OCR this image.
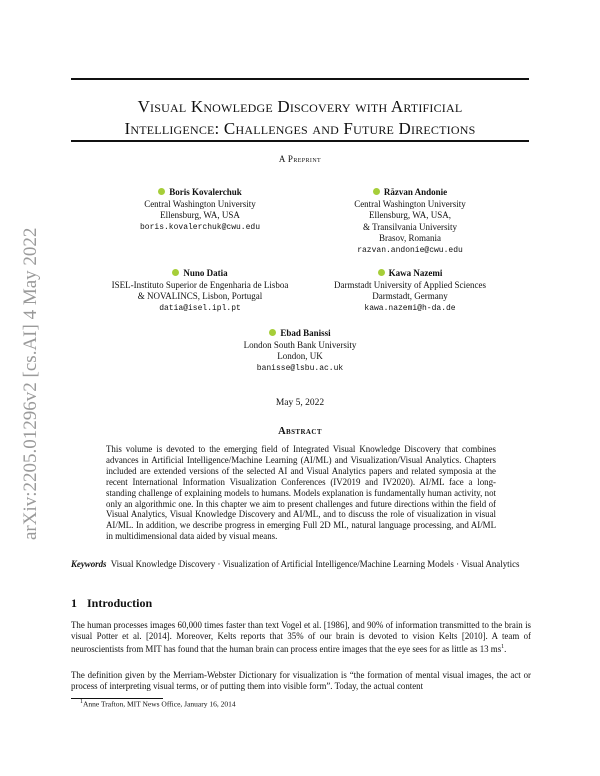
Visual Knowledge Discovery with Artificial
Intelligence: Challenges and Future Directions
A Preprint
Boris Kovalerchuk
Central Washington University
Ellensburg, WA, USA
boris.kovalerchuk@cwu.edu
Răzvan Andonie
Central Washington University
Ellensburg, WA, USA,
& Transilvania University
Brasov, Romania
razvan.andonie@cwu.edu
Nuno Datia
ISEL-Instituto Superior de Engenharia de Lisboa
& NOVALINCS, Lisbon, Portugal
datia@isel.ipl.pt
Kawa Nazemi
Darmstadt University of Applied Sciences
Darmstadt, Germany
kawa.nazemi@h-da.de
Ebad Banissi
London South Bank University
London, UK
banisse@lsbu.ac.uk
May 5, 2022
Abstract
This volume is devoted to the emerging field of Integrated Visual Knowledge Discovery that combines advances in Artificial Intelligence/Machine Learning (AI/ML) and Visualization/Visual Analytics. Chapters included are extended versions of the selected AI and Visual Analytics papers and related symposia at the recent International Information Visualization Conferences (IV2019 and IV2020). AI/ML face a long-standing challenge of explaining models to humans. Models explanation is fundamentally human activity, not only an algorithmic one. In this chapter we aim to present challenges and future directions within the field of Visual Analytics, Visual Knowledge Discovery and AI/ML, and to discuss the role of visualization in visual AI/ML. In addition, we describe progress in emerging Full 2D ML, natural language processing, and AI/ML in multidimensional data aided by visual means.
Keywords Visual Knowledge Discovery · Visualization of Artificial Intelligence/Machine Learning Models · Visual Analytics
1 Introduction
The human processes images 60,000 times faster than text Vogel et al. [1986], and 90% of information transmitted to the brain is visual Potter et al. [2014]. Moreover, Kelts reports that 35% of our brain is devoted to vision Kelts [2010]. A team of neuroscientists from MIT has found that the human brain can process entire images that the eye sees for as little as 13 $ms^1$.
The definition given by the Merriam-Webster Dictionary for visualization is “the formation of mental visual images, the act or process of interpreting visual terms, or of putting them into visible form”. Today, the actual content
$^1$Anne Trafton, MIT News Office, January 16, 2014
arXiv:2205.01296v2 [cs.AI] 4 May 2022
